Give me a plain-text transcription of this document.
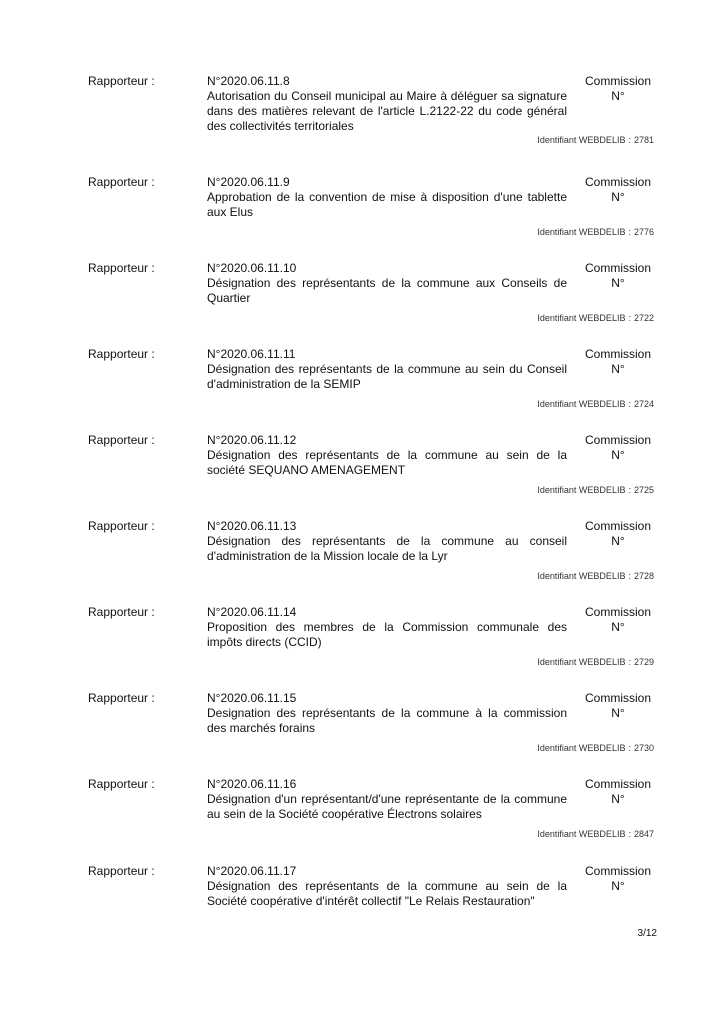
Rapporteur :	N°2020.06.11.8
Autorisation du Conseil municipal au Maire à déléguer sa signature dans des matières relevant de l'article L.2122-22 du code général des collectivités territoriales
Commission
N°
Identifiant WEBDELIB : 2781
Rapporteur :	N°2020.06.11.9
Approbation de la convention de mise à disposition d'une tablette aux Elus
Commission
N°
Identifiant WEBDELIB : 2776
Rapporteur :	N°2020.06.11.10
Désignation des représentants de la commune aux Conseils de Quartier
Commission
N°
Identifiant WEBDELIB : 2722
Rapporteur :	N°2020.06.11.11
Désignation des représentants de la commune au sein du Conseil d'administration de la SEMIP
Commission
N°
Identifiant WEBDELIB : 2724
Rapporteur :	N°2020.06.11.12
Désignation des représentants de la commune au sein de la société SEQUANO AMENAGEMENT
Commission
N°
Identifiant WEBDELIB : 2725
Rapporteur :	N°2020.06.11.13
Désignation des représentants de la commune au conseil d'administration de la Mission locale de la Lyr
Commission
N°
Identifiant WEBDELIB : 2728
Rapporteur :	N°2020.06.11.14
Proposition des membres de la Commission communale des impôts directs (CCID)
Commission
N°
Identifiant WEBDELIB : 2729
Rapporteur :	N°2020.06.11.15
Designation des représentants de la commune à la commission des marchés forains
Commission
N°
Identifiant WEBDELIB : 2730
Rapporteur :	N°2020.06.11.16
Désignation d'un représentant/d'une représentante de la commune au sein de la Société coopérative Électrons solaires
Commission
N°
Identifiant WEBDELIB : 2847
Rapporteur :	N°2020.06.11.17
Désignation des représentants de la commune au sein de la Société coopérative d'intérêt collectif "Le Relais Restauration"
Commission
N°
3/12
